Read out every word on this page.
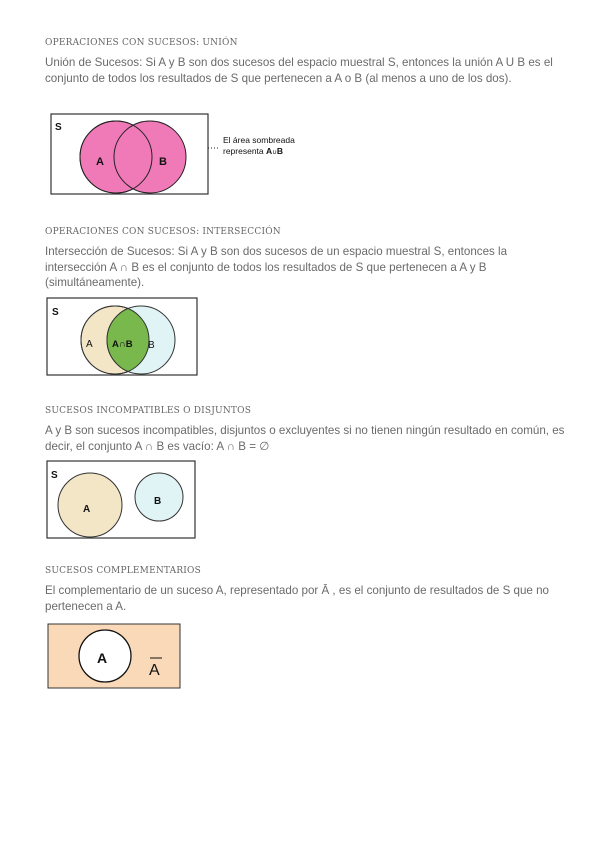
OPERACIONES CON SUCESOS: UNIÓN

Unión de Sucesos: Si A y B son dos sucesos del espacio muestral S, entonces la unión A U B es el conjunto de todos los resultados de S que pertenecen a A o B (al menos a uno de los dos).

S
A	B
El área sombreada
representa A∪B
OPERACIONES CON SUCESOS: INTERSECCIÓN

Intersección de Sucesos: Si A y B son dos sucesos de un espacio muestral S, entonces la intersección A ∩ B es el conjunto de todos los resultados de S que pertenecen a A y B (simultáneamente).

S
A A∩B B
SUCESOS INCOMPATIBLES O DISJUNTOS

A y B son sucesos incompatibles, disjuntos o excluyentes si no tienen ningún resultado en común, es decir, el conjunto A ∩ B es vacío: A ∩ B = ∅

S
A
B
SUCESOS COMPLEMENTARIOS

El complementario de un suceso A, representado por Ā , es el conjunto de resultados de S que no pertenecen a A.

A
A
